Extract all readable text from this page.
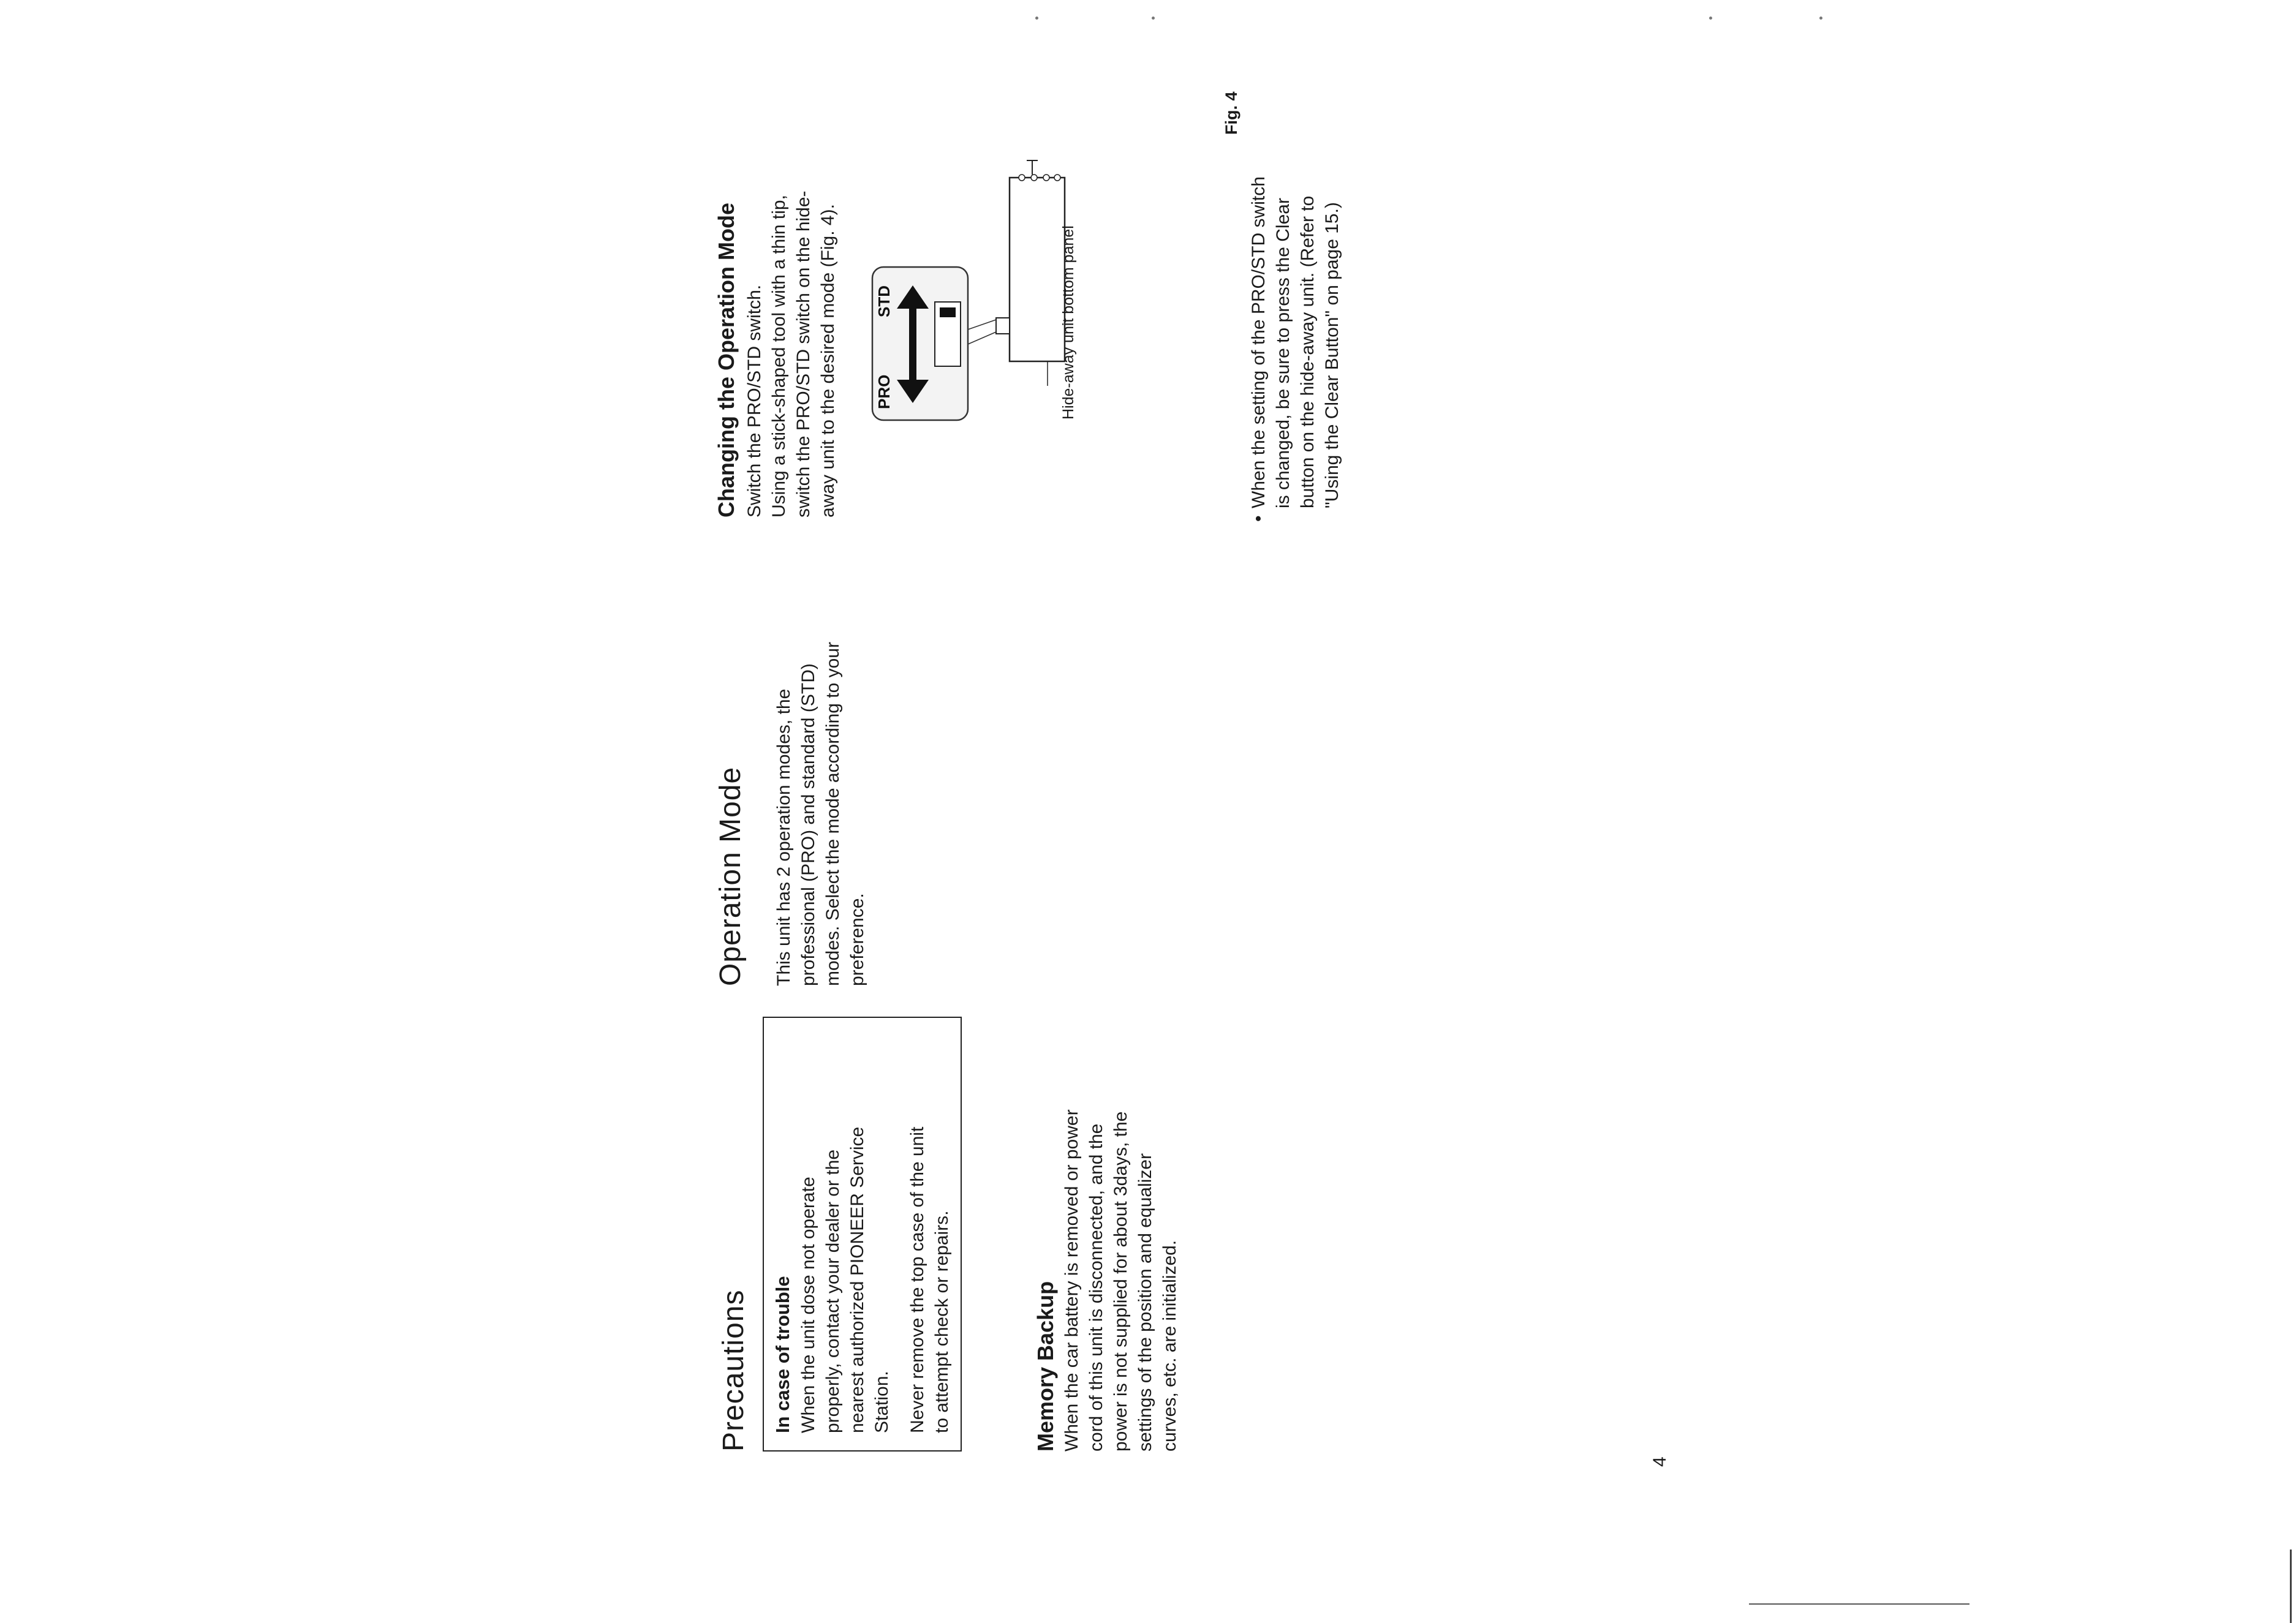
Precautions In case of trouble When the unit dose not operate properly, contact your dealer or the nearest authorized PIONEER Service Station. Never remove the top case of the unit to attempt check or repairs.	Memory Backup When the car battery is removed or power cord of this unit is disconnected, and the power is not supplied for about 3days, the settings of the position and equalizer curves, etc. are initialized.
Operation Mode This unit has 2 operation modes, the professional (PRO) and standard (STD) modes. Select the mode according to your preference.
Changing the Operation Mode Switch the PRO/STD switch. Using a stick-shaped tool with a thin tip, switch the PRO/STD switch on the hide- away unit to the desired mode (Fig. 4). PRO
STD	Hide-away unit bottom panel
Fig. 4
•
When the setting of the PRO/STD switch is changed, be sure to press the Clear button on the hide-away unit. (Refer to "Using the Clear Button" on page 15.)
4
